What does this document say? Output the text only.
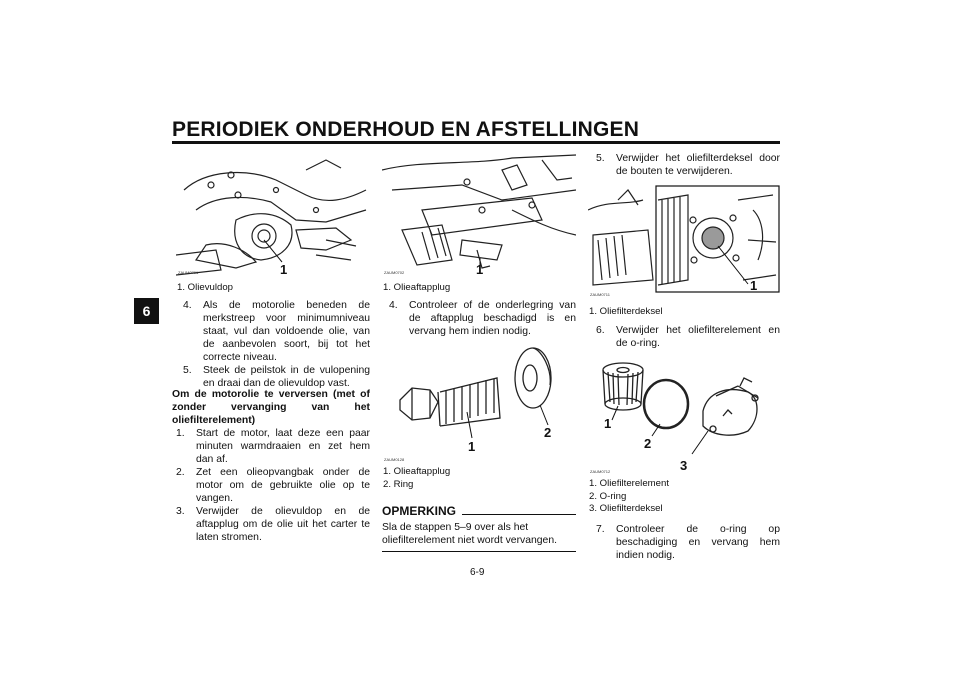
PERIODIEK ONDERHOUD EN AFSTELLINGEN
6
ZAUM0701	1
1. Olievuldop
4.	Als de motorolie beneden de merkstreep voor minimumniveau staat, vul dan voldoende olie, van de aanbevolen soort, bij tot het correcte niveau.
5.	Steek de peilstok in de vulopening en draai dan de olievuldop vast.
Om de motorolie te verversen (met of zonder vervanging van het oliefilterelement)
1.	Start de motor, laat deze een paar minuten warmdraaien en zet hem dan af.
2.	Zet een olieopvangbak onder de motor om de gebruikte olie op te vangen.
3.	Verwijder de olievuldop en de aftapplug om de olie uit het carter te laten stromen.
ZAUM0702	1
1. Olieaftapplug
4.	Controleer of de onderlegring van de aftapplug beschadigd is en vervang hem indien nodig.
ZAUM0128
1
2
1. Olieaftapplug
2. Ring
OPMERKING
Sla de stappen 5–9 over als het oliefilterelement niet wordt vervangen.
5.	Verwijder het oliefilterdeksel door de bouten te verwijderen.
ZAUM0711
1
1. Oliefilterdeksel
6.	Verwijder het oliefilterelement en de o-ring.
ZAUM0712
1
2
3
1. Oliefilterelement
2. O-ring
3. Oliefilterdeksel
7.	Controleer de o-ring op beschadiging en vervang hem indien nodig.
6-9
